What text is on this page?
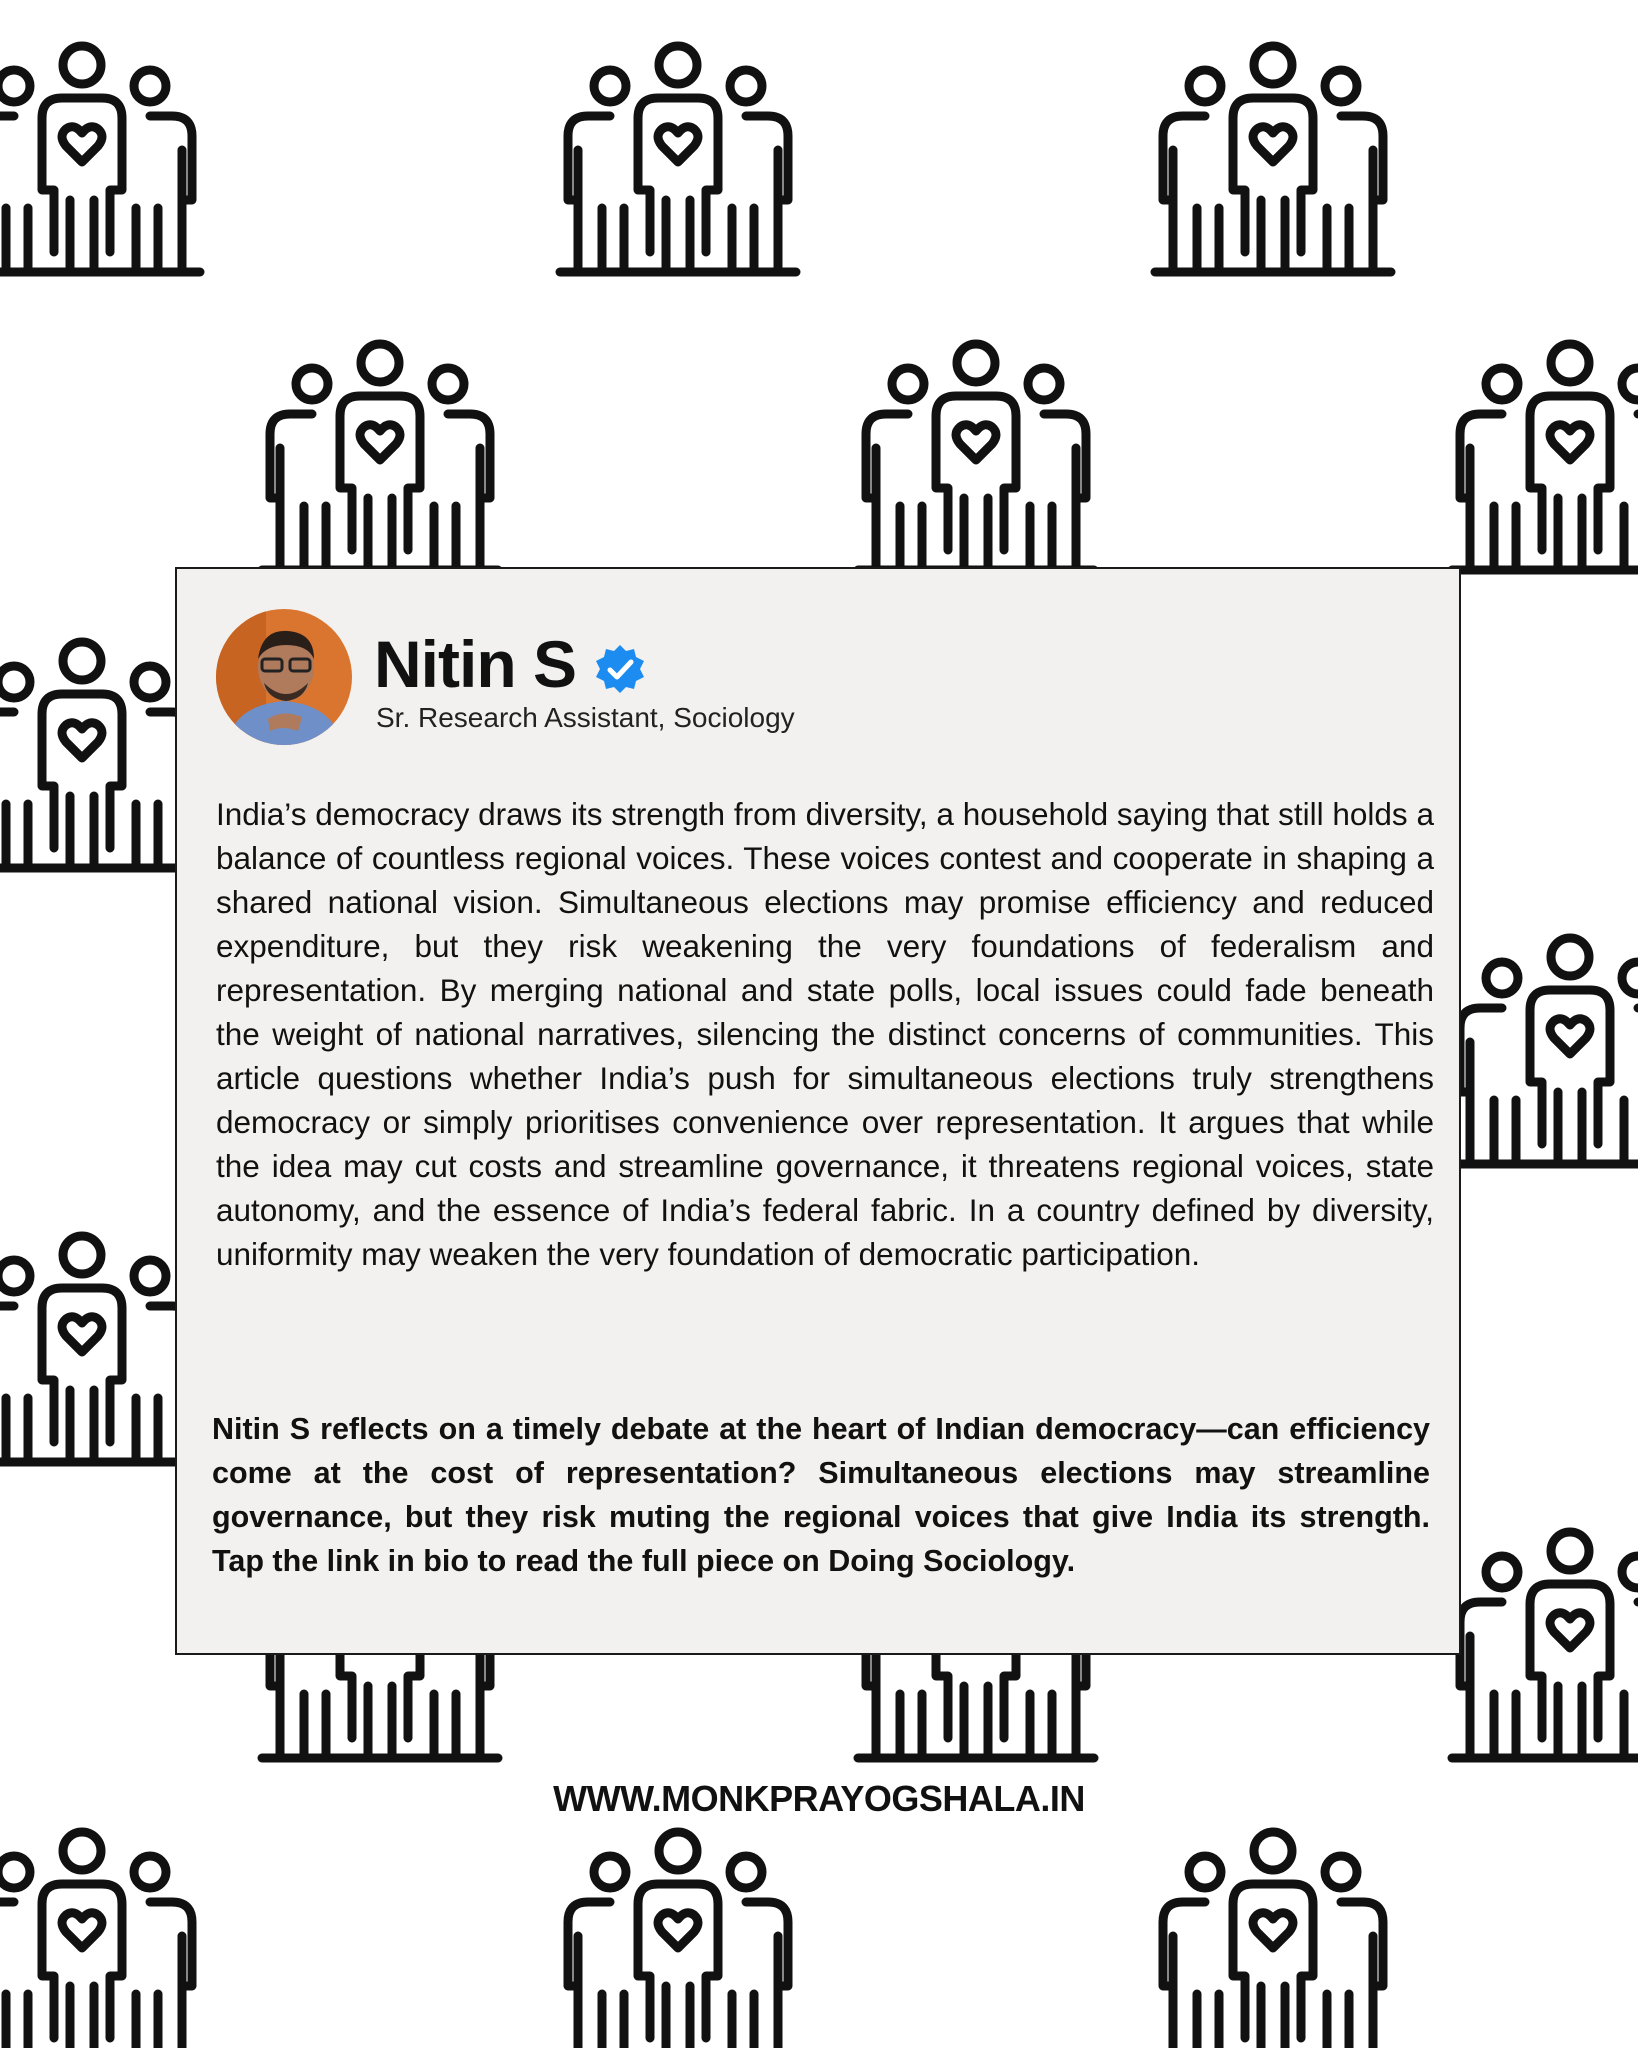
Nitin S
Sr. Research Assistant, Sociology

India’s democracy draws its strength from diversity, a household saying that still holds a balance of countless regional voices. These voices contest and cooperate in shaping a shared national vision. Simultaneous elections may promise efficiency and reduced expenditure, but they risk weakening the very foundations of federalism and representation. By merging national and state polls, local issues could fade beneath the weight of national narratives, silencing the distinct concerns of communities. This article questions whether India’s push for simultaneous elections truly strengthens democracy or simply prioritises convenience over representation. It argues that while the idea may cut costs and streamline governance, it threatens regional voices, state autonomy, and the essence of India’s federal fabric. In a country defined by diversity, uniformity may weaken the very foundation of democratic participation.

Nitin S reflects on a timely debate at the heart of Indian democracy—can efficiency come at the cost of representation? Simultaneous elections may streamline governance, but they risk muting the regional voices that give India its strength. Tap the link in bio to read the full piece on Doing Sociology.

WWW.MONKPRAYOGSHALA.IN
